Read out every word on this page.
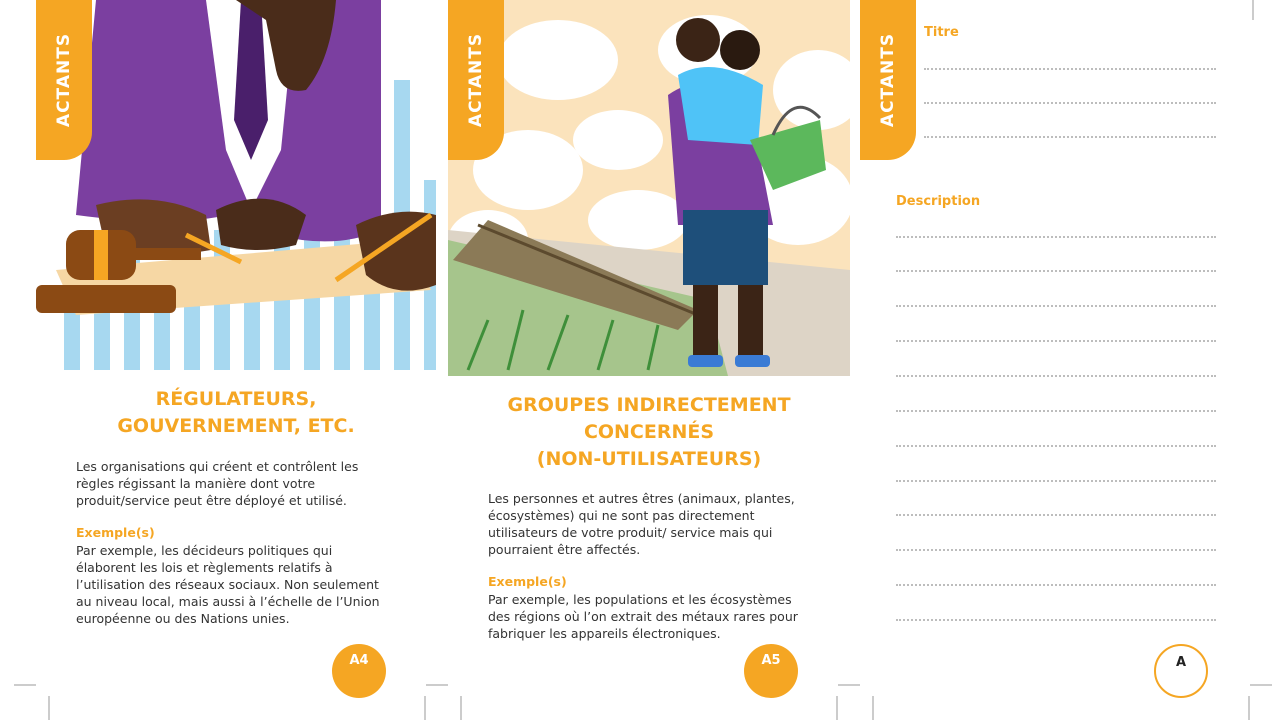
ACTANTS

RÉGULATEURS,
GOUVERNEMENT, ETC.

Les organisations qui créent et contrôlent les règles régissant la manière dont votre produit/service peut être déployé et utilisé.

Exemple(s)

Par exemple, les décideurs politiques qui élaborent les lois et règlements relatifs à l’utilisation des réseaux sociaux. Non seulement au niveau local, mais aussi à l’échelle de l’Union européenne ou des Nations unies.

A4
ACTANTS

GROUPES INDIRECTEMENT
CONCERNÉS
(NON-UTILISATEURS)

Les personnes et autres êtres (animaux, plantes, écosystèmes) qui ne sont pas directement utilisateurs de votre produit/ service mais qui pourraient être affectés.

Exemple(s)

Par exemple, les populations et les écosystèmes des régions où l’on extrait des métaux rares pour fabriquer les appareils électroniques.

A5
ACTANTS
Titre
Description
A
